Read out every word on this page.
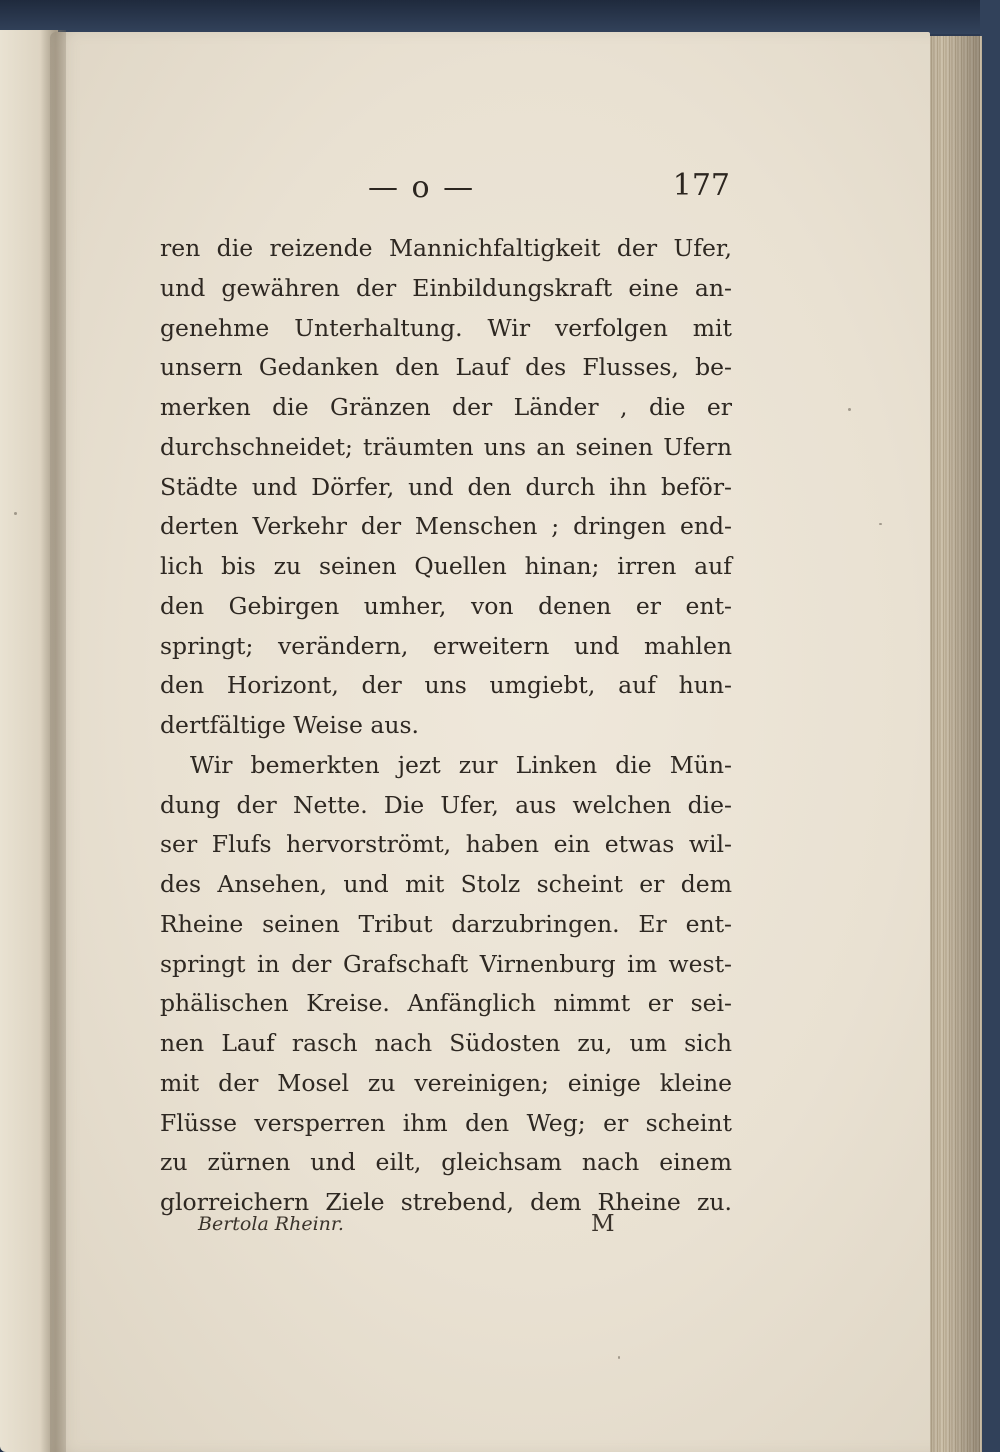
— o —	177
ren die reizende Mannichfaltigkeit der Ufer,
und gewähren der Einbildungskraft eine an-
genehme Unterhaltung. Wir verfolgen mit
unsern Gedanken den Lauf des Flusses, be-
merken die Gränzen der Länder , die er
durchschneidet; träumten uns an seinen Ufern
Städte und Dörfer, und den durch ihn beför-
derten Verkehr der Menschen ; dringen end-
lich bis zu seinen Quellen hinan; irren auf
den Gebirgen umher, von denen er ent-
springt; verändern, erweitern und mahlen
den Horizont, der uns umgiebt, auf hun-
dertfältige Weise aus.
Wir bemerkten jezt zur Linken die Mün-
dung der Nette. Die Ufer, aus welchen die-
ser Flufs hervorströmt, haben ein etwas wil-
des Ansehen, und mit Stolz scheint er dem
Rheine seinen Tribut darzubringen. Er ent-
springt in der Grafschaft Virnenburg im west-
phälischen Kreise. Anfänglich nimmt er sei-
nen Lauf rasch nach Südosten zu, um sich
mit der Mosel zu vereinigen; einige kleine
Flüsse versperren ihm den Weg; er scheint
zu zürnen und eilt, gleichsam nach einem
glorreichern Ziele strebend, dem Rheine zu.
Bertola Rheinr.	M
